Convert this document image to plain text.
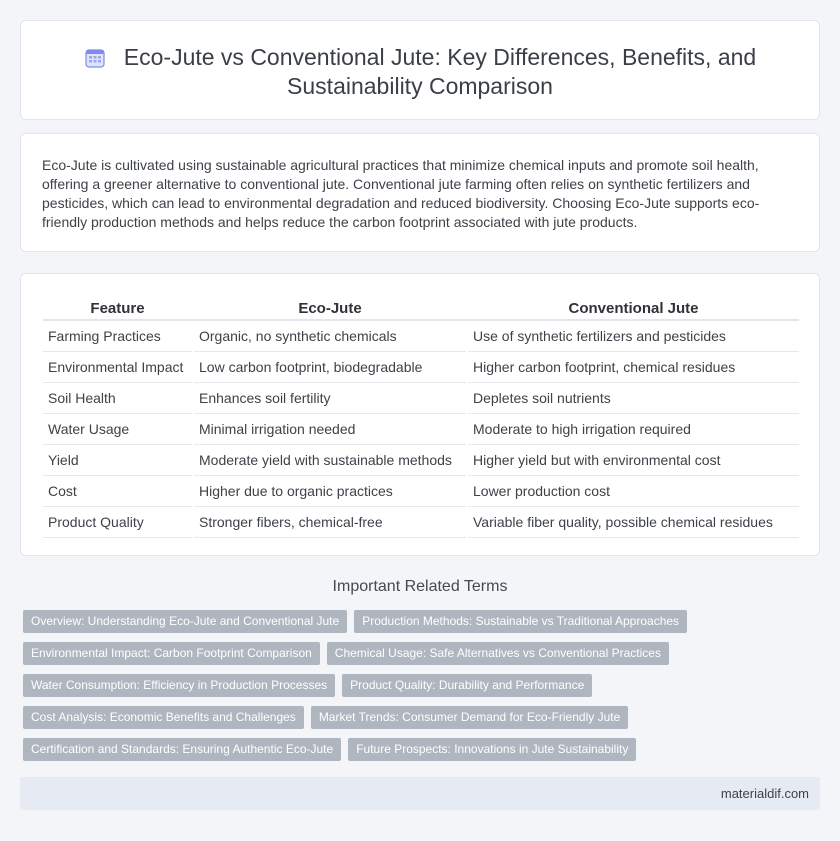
Eco-Jute vs Conventional Jute: Key Differences, Benefits, and
Sustainability Comparison

Eco-Jute is cultivated using sustainable agricultural practices that minimize chemical inputs and promote soil health, offering a greener alternative to conventional jute. Conventional jute farming often relies on synthetic fertilizers and pesticides, which can lead to environmental degradation and reduced biodiversity. Choosing Eco-Jute supports eco-friendly production methods and helps reduce the carbon footprint associated with jute products.

Feature	Eco-Jute	Conventional Jute
Farming Practices	Organic, no synthetic chemicals	Use of synthetic fertilizers and pesticides
Environmental Impact	Low carbon footprint, biodegradable	Higher carbon footprint, chemical residues
Soil Health	Enhances soil fertility	Depletes soil nutrients
Water Usage	Minimal irrigation needed	Moderate to high irrigation required
Yield	Moderate yield with sustainable methods	Higher yield but with environmental cost
Cost	Higher due to organic practices	Lower production cost
Product Quality	Stronger fibers, chemical-free	Variable fiber quality, possible chemical residues
Important Related Terms
Overview: Understanding Eco-Jute and Conventional Jute	Production Methods: Sustainable vs Traditional Approaches
Environmental Impact: Carbon Footprint Comparison	Chemical Usage: Safe Alternatives vs Conventional Practices
Water Consumption: Efficiency in Production Processes	Product Quality: Durability and Performance
Cost Analysis: Economic Benefits and Challenges	Market Trends: Consumer Demand for Eco-Friendly Jute
Certification and Standards: Ensuring Authentic Eco-Jute	Future Prospects: Innovations in Jute Sustainability
materialdif.com
